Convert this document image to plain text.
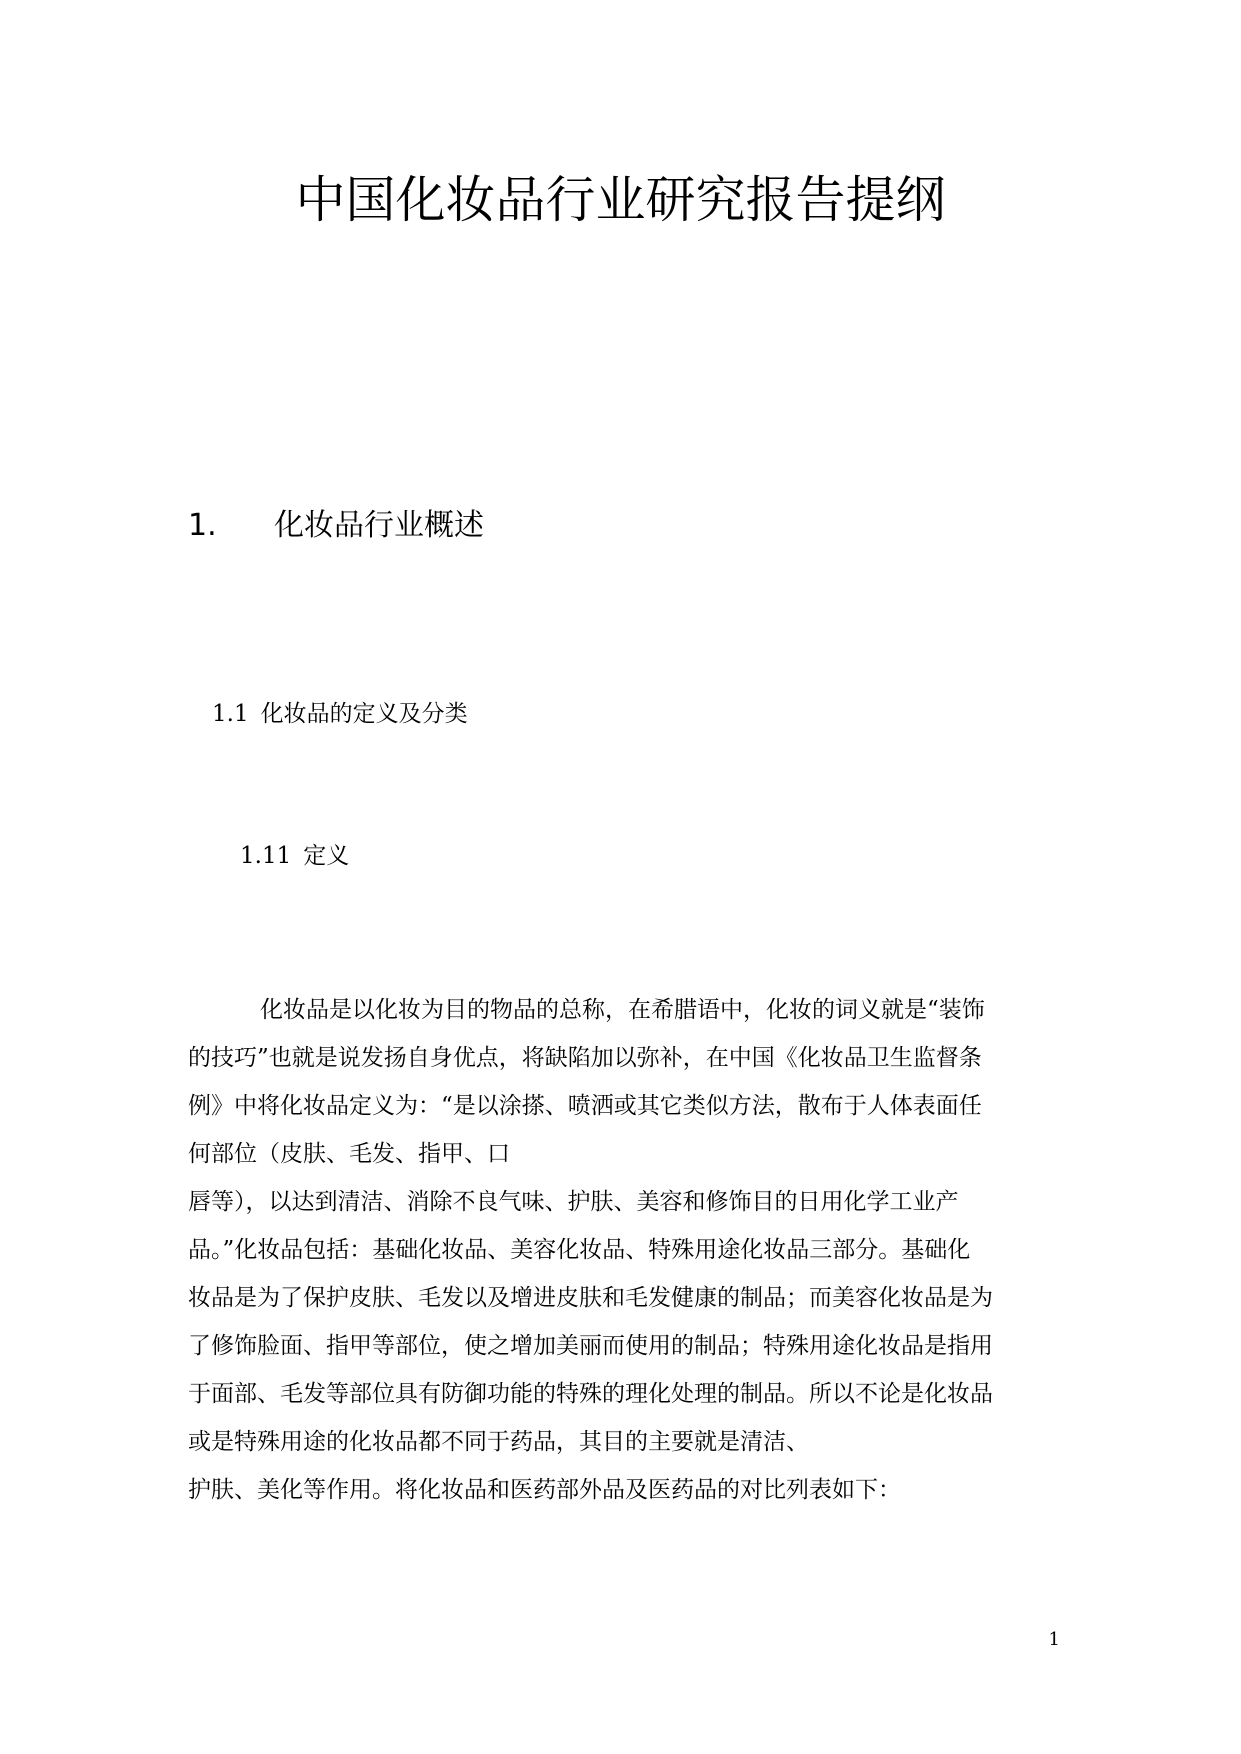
中国化妆品行业研究报告提纲
1. 化妆品行业概述
1.1 化妆品的定义及分类
1.11 定义
化妆品是以化妆为目的物品的总称，在希腊语中，化妆的词义就是“装饰
的技巧”也就是说发扬自身优点，将缺陷加以弥补，在中国《化妆品卫生监督条
例》中将化妆品定义为：“是以涂搽、喷洒或其它类似方法，散布于人体表面任
何部位（皮肤、毛发、指甲、口
唇等），以达到清洁、消除不良气味、护肤、美容和修饰目的日用化学工业产
品。”化妆品包括：基础化妆品、美容化妆品、特殊用途化妆品三部分。基础化
妆品是为了保护皮肤、毛发以及增进皮肤和毛发健康的制品；而美容化妆品是为
了修饰脸面、指甲等部位，使之增加美丽而使用的制品；特殊用途化妆品是指用
于面部、毛发等部位具有防御功能的特殊的理化处理的制品。所以不论是化妆品
或是特殊用途的化妆品都不同于药品，其目的主要就是清洁、
护肤、美化等作用。将化妆品和医药部外品及医药品的对比列表如下：
1
